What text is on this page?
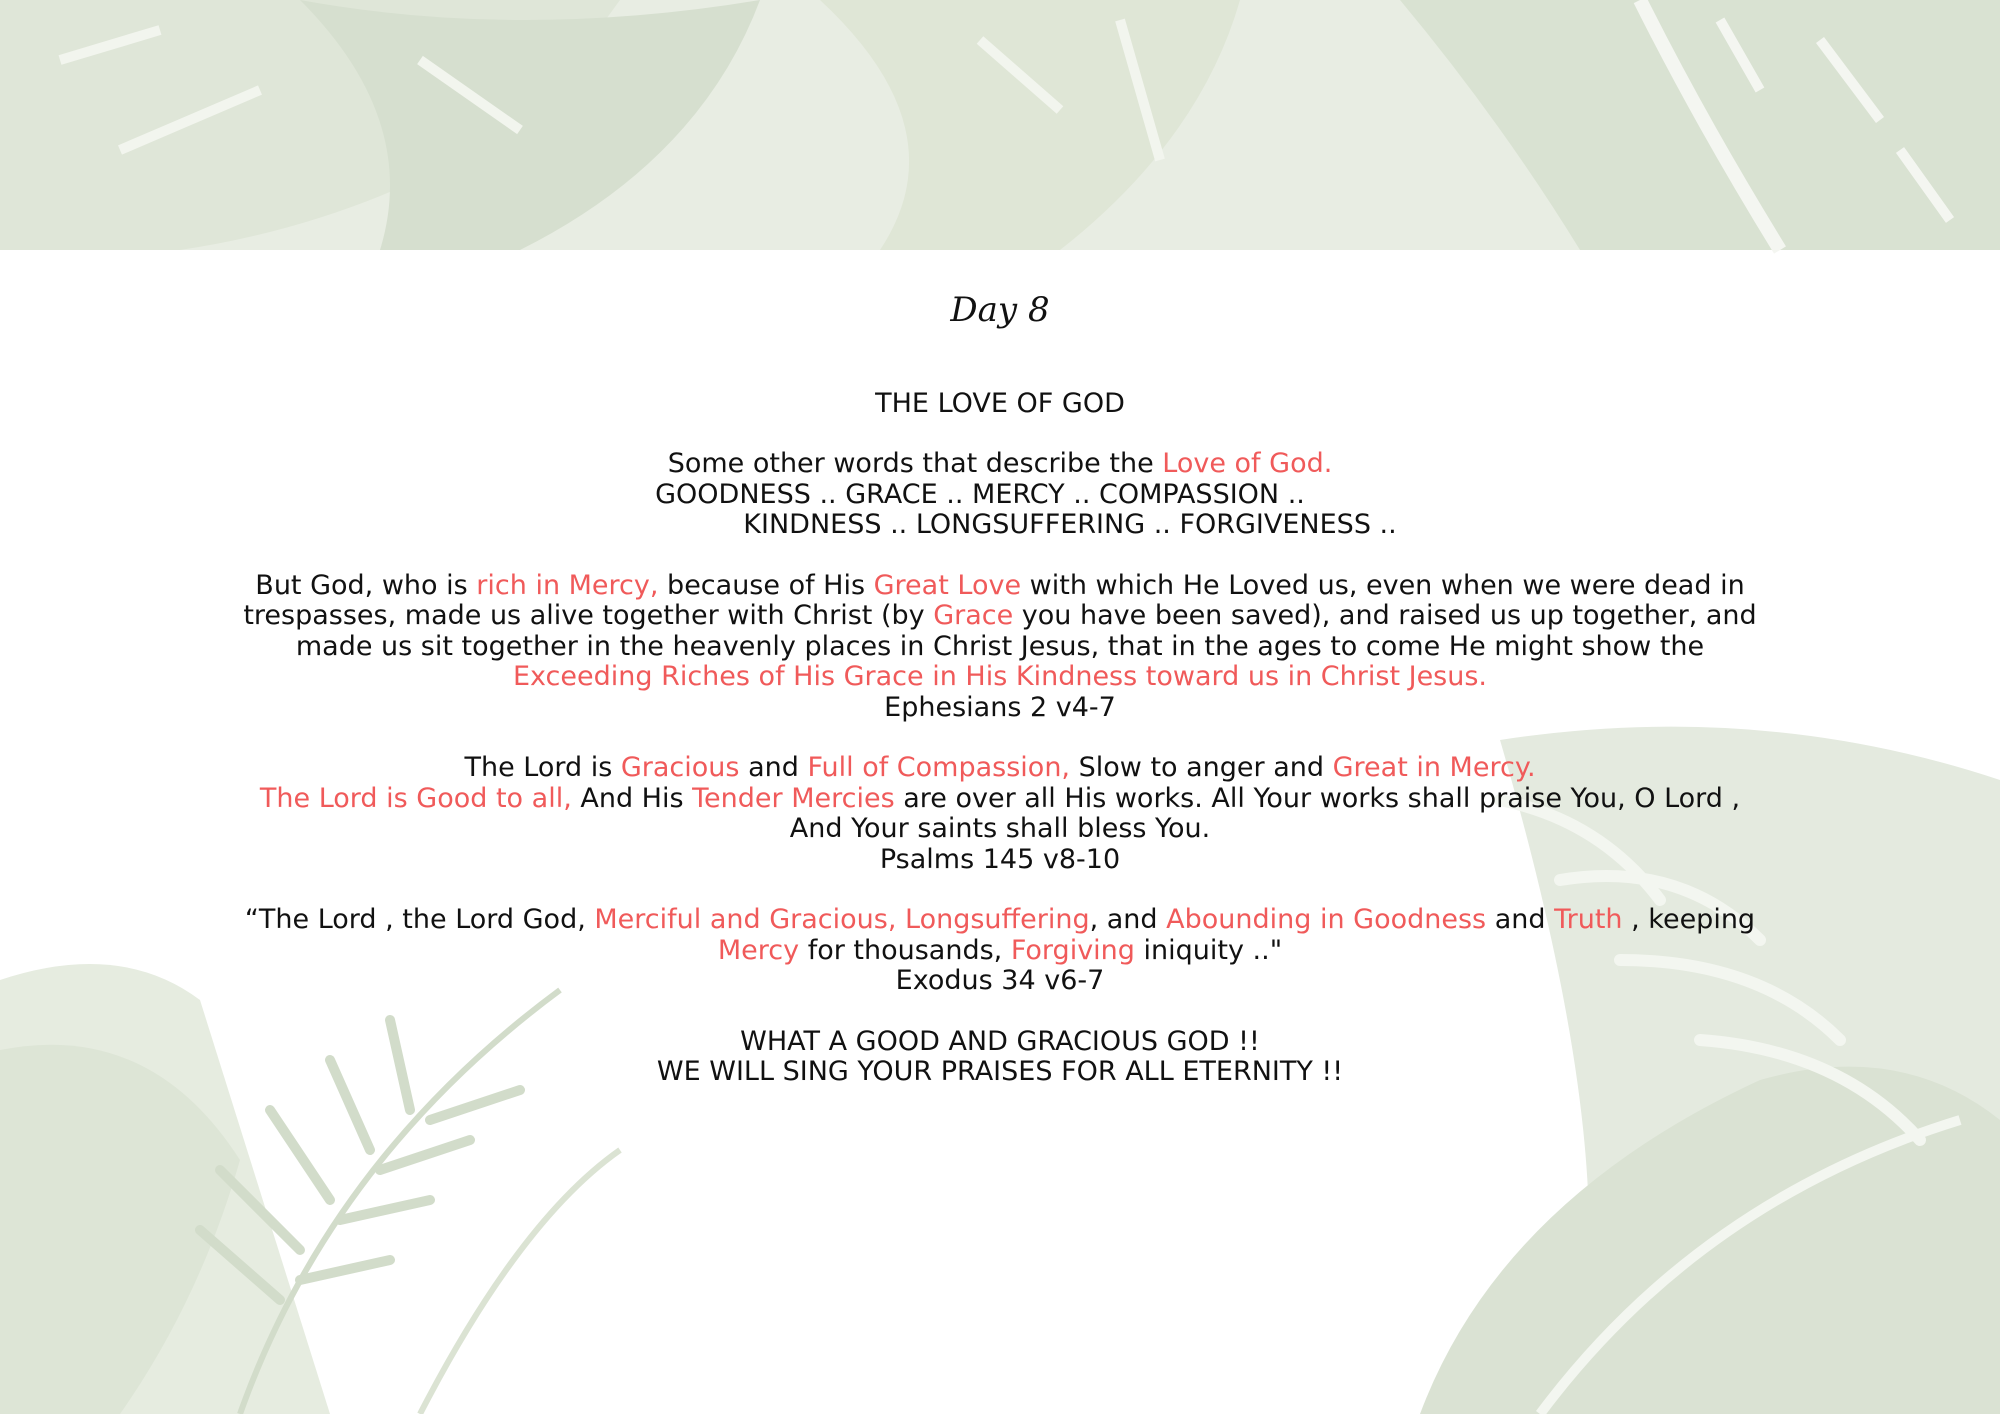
Day 8
THE LOVE OF GOD
Some other words that describe the Love of God.
GOODNESS .. GRACE .. MERCY .. COMPASSION ..
KINDNESS .. LONGSUFFERING .. FORGIVENESS ..
But God, who is rich in Mercy, because of His Great Love with which He Loved us, even when we were dead in
trespasses, made us alive together with Christ (by Grace you have been saved), and raised us up together, and
made us sit together in the heavenly places in Christ Jesus, that in the ages to come He might show the
Exceeding Riches of His Grace in His Kindness toward us in Christ Jesus.
Ephesians 2 v4-7
The Lord is Gracious and Full of Compassion, Slow to anger and Great in Mercy.
The Lord is Good to all, And His Tender Mercies are over all His works. All Your works shall praise You, O Lord ,
And Your saints shall bless You.
Psalms 145 v8-10
“The Lord , the Lord God, Merciful and Gracious, Longsuffering, and Abounding in Goodness and Truth , keeping
Mercy for thousands, Forgiving iniquity .."
Exodus 34 v6-7
WHAT A GOOD AND GRACIOUS GOD !!
WE WILL SING YOUR PRAISES FOR ALL ETERNITY !!
